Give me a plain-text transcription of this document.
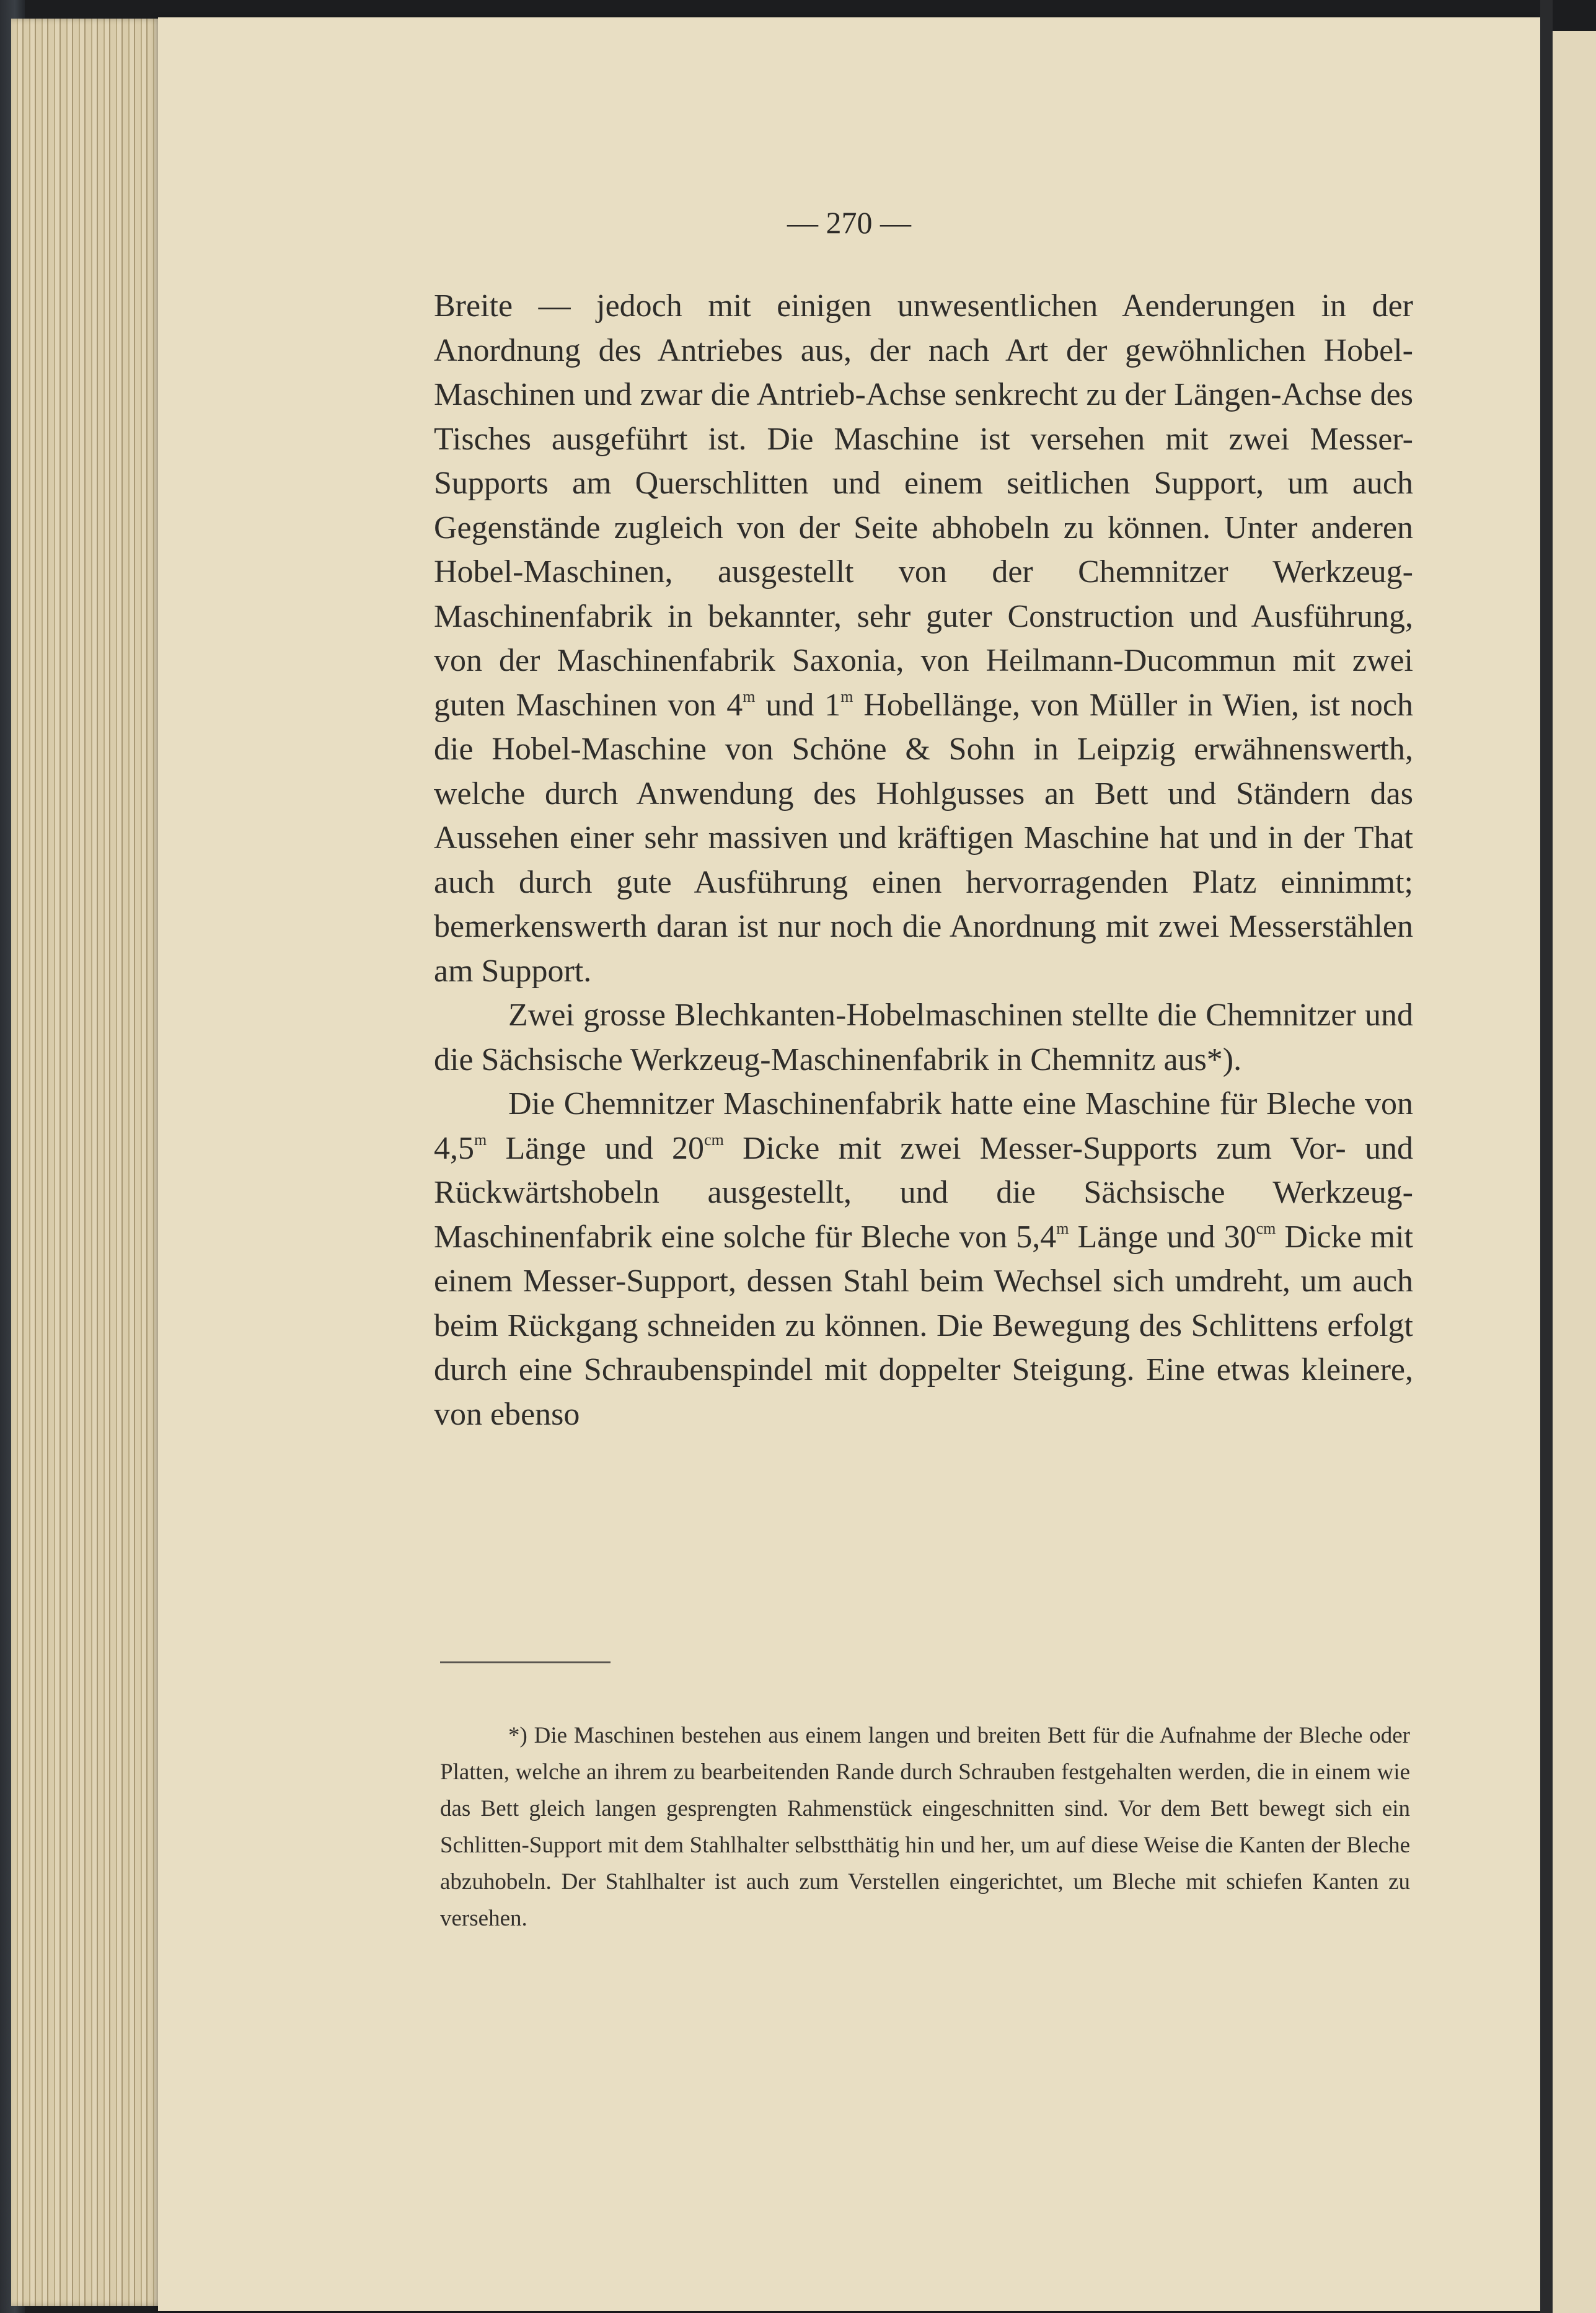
— 270 —

Breite — jedoch mit einigen unwesentlichen Aenderungen in der Anordnung des Antriebes aus, der nach Art der gewöhnlichen Hobel-Maschinen und zwar die Antrieb-Achse senkrecht zu der Längen-Achse des Tisches ausgeführt ist. Die Maschine ist versehen mit zwei Messer-Supports am Querschlitten und einem seitlichen Support, um auch Gegenstände zugleich von der Seite abhobeln zu können. Unter anderen Hobel-Maschinen, ausgestellt von der Chemnitzer Werkzeug-Maschinenfabrik in bekannter, sehr guter Construction und Ausführung, von der Maschinenfabrik Saxonia, von Heilmann-Ducommun mit zwei guten Maschinen von 4$^m$ und 1$^m$ Hobellänge, von Müller in Wien, ist noch die Hobel-Maschine von Schöne & Sohn in Leipzig erwähnenswerth, welche durch Anwendung des Hohlgusses an Bett und Ständern das Aussehen einer sehr massiven und kräftigen Maschine hat und in der That auch durch gute Ausführung einen hervorragenden Platz einnimmt; bemerkenswerth daran ist nur noch die Anordnung mit zwei Messerstählen am Support.

Zwei grosse Blechkanten-Hobelmaschinen stellte die Chemnitzer und die Sächsische Werkzeug-Maschinenfabrik in Chemnitz aus*).

Die Chemnitzer Maschinenfabrik hatte eine Maschine für Bleche von 4,5$^m$ Länge und $20^{cm}$ Dicke mit zwei Messer-Supports zum Vor- und Rückwärtshobeln ausgestellt, und die Sächsische Werkzeug-Maschinenfabrik eine solche für Bleche von 5,4$^m$ Länge und $30^{cm}$ Dicke mit einem Messer-Support, dessen Stahl beim Wechsel sich umdreht, um auch beim Rückgang schneiden zu können. Die Bewegung des Schlittens erfolgt durch eine Schraubenspindel mit doppelter Steigung. Eine etwas kleinere, von ebenso

*) Die Maschinen bestehen aus einem langen und breiten Bett für die Aufnahme der Bleche oder Platten, welche an ihrem zu bearbeitenden Rande durch Schrauben festgehalten werden, die in einem wie das Bett gleich langen gesprengten Rahmenstück eingeschnitten sind. Vor dem Bett bewegt sich ein Schlitten-Support mit dem Stahlhalter selbstthätig hin und her, um auf diese Weise die Kanten der Bleche abzuhobeln. Der Stahlhalter ist auch zum Verstellen eingerichtet, um Bleche mit schiefen Kanten zu versehen.
